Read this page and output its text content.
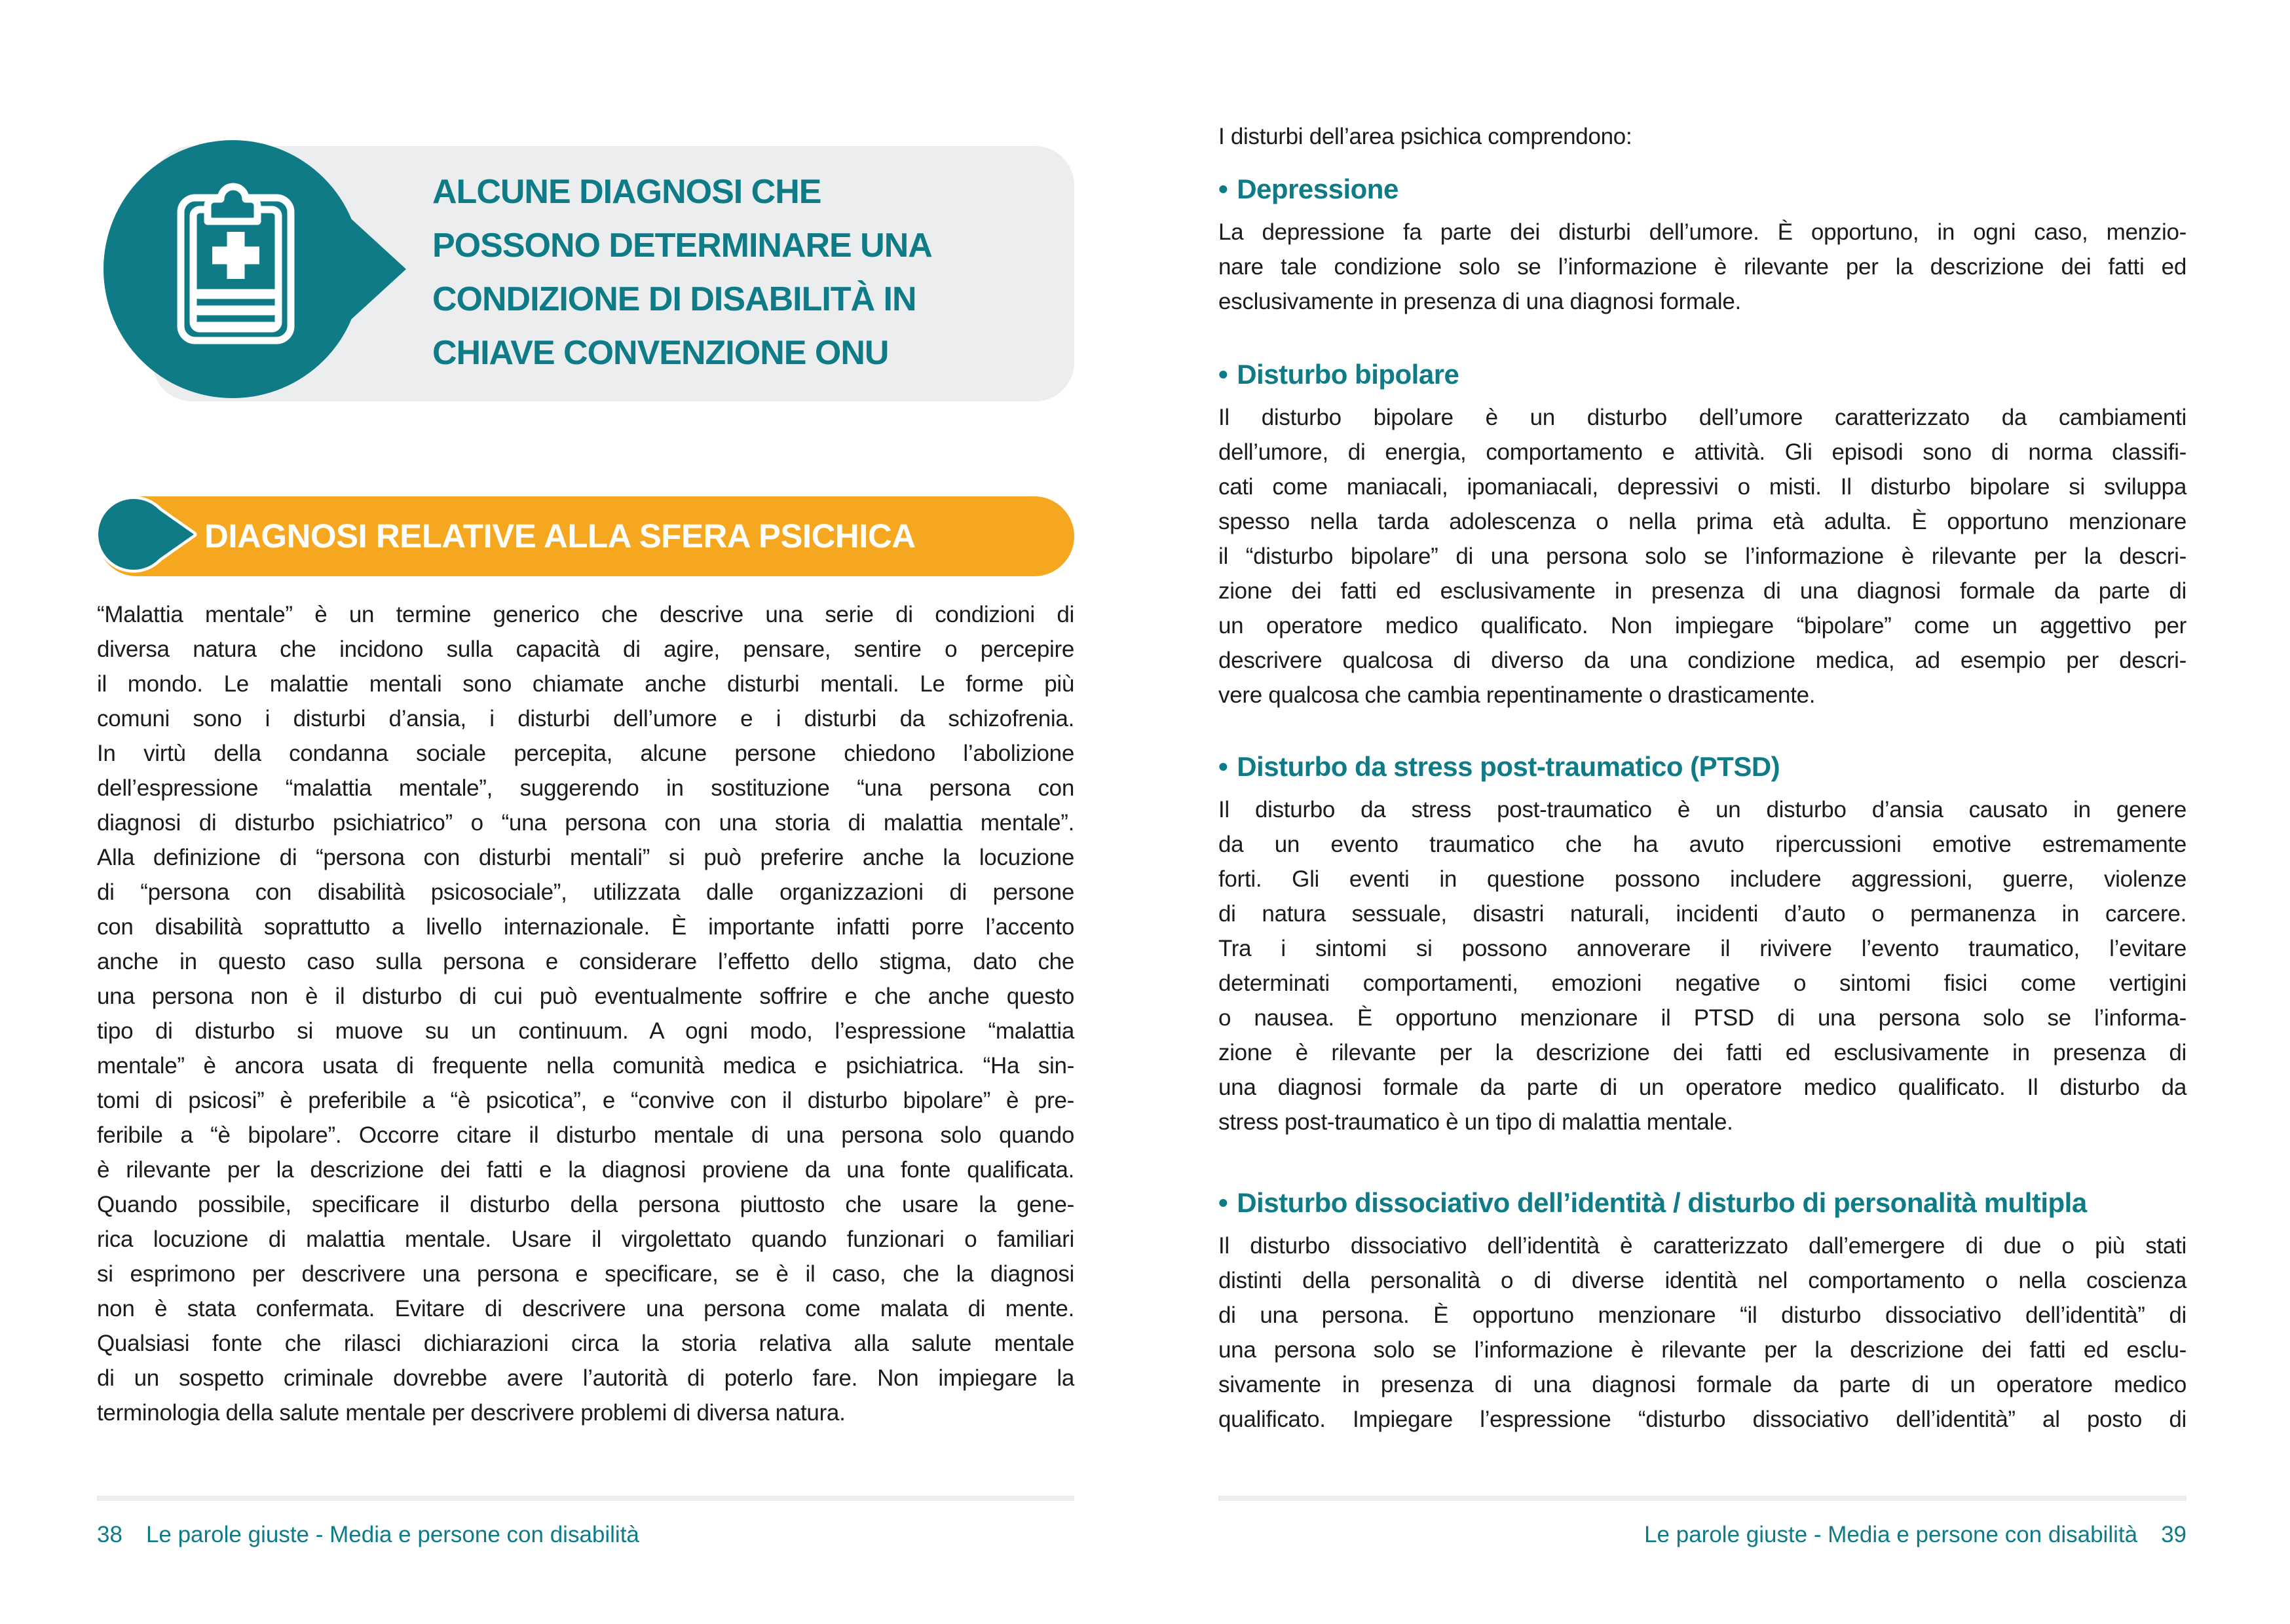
ALCUNE DIAGNOSI CHE
POSSONO DETERMINARE UNA
CONDIZIONE DI DISABILITÀ IN
CHIAVE CONVENZIONE ONU
DIAGNOSI RELATIVE ALLA SFERA PSICHICA
“Malattia mentale” è un termine generico che descrive una serie di condizioni di
diversa natura che incidono sulla capacità di agire, pensare, sentire o percepire
il mondo. Le malattie mentali sono chiamate anche disturbi mentali. Le forme più
comuni sono i disturbi d’ansia, i disturbi dell’umore e i disturbi da schizofrenia.
In virtù della condanna sociale percepita, alcune persone chiedono l’abolizione
dell’espressione “malattia mentale”, suggerendo in sostituzione “una persona con
diagnosi di disturbo psichiatrico” o “una persona con una storia di malattia mentale”.
Alla definizione di “persona con disturbi mentali” si può preferire anche la locuzione
di “persona con disabilità psicosociale”, utilizzata dalle organizzazioni di persone
con disabilità soprattutto a livello internazionale. È importante infatti porre l’accento
anche in questo caso sulla persona e considerare l’effetto dello stigma, dato che
una persona non è il disturbo di cui può eventualmente soffrire e che anche questo
tipo di disturbo si muove su un continuum. A ogni modo, l’espressione “malattia
mentale” è ancora usata di frequente nella comunità medica e psichiatrica. “Ha sin-
tomi di psicosi” è preferibile a “è psicotica”, e “convive con il disturbo bipolare” è pre-
feribile a “è bipolare”. Occorre citare il disturbo mentale di una persona solo quando
è rilevante per la descrizione dei fatti e la diagnosi proviene da una fonte qualificata.
Quando possibile, specificare il disturbo della persona piuttosto che usare la gene-
rica locuzione di malattia mentale. Usare il virgolettato quando funzionari o familiari
si esprimono per descrivere una persona e specificare, se è il caso, che la diagnosi
non è stata confermata. Evitare di descrivere una persona come malata di mente.
Qualsiasi fonte che rilasci dichiarazioni circa la storia relativa alla salute mentale
di un sospetto criminale dovrebbe avere l’autorità di poterlo fare. Non impiegare la
terminologia della salute mentale per descrivere problemi di diversa natura.
38 Le parole giuste - Media e persone con disabilità
I disturbi dell’area psichica comprendono:
• Depressione
La depressione fa parte dei disturbi dell’umore. È opportuno, in ogni caso, menzio-
nare tale condizione solo se l’informazione è rilevante per la descrizione dei fatti ed
esclusivamente in presenza di una diagnosi formale.
• Disturbo bipolare
Il disturbo bipolare è un disturbo dell’umore caratterizzato da cambiamenti
dell’umore, di energia, comportamento e attività. Gli episodi sono di norma classifi-
cati come maniacali, ipomaniacali, depressivi o misti. Il disturbo bipolare si sviluppa
spesso nella tarda adolescenza o nella prima età adulta. È opportuno menzionare
il “disturbo bipolare” di una persona solo se l’informazione è rilevante per la descri-
zione dei fatti ed esclusivamente in presenza di una diagnosi formale da parte di
un operatore medico qualificato. Non impiegare “bipolare” come un aggettivo per
descrivere qualcosa di diverso da una condizione medica, ad esempio per descri-
vere qualcosa che cambia repentinamente o drasticamente.
• Disturbo da stress post-traumatico (PTSD)
Il disturbo da stress post-traumatico è un disturbo d’ansia causato in genere
da un evento traumatico che ha avuto ripercussioni emotive estremamente
forti. Gli eventi in questione possono includere aggressioni, guerre, violenze
di natura sessuale, disastri naturali, incidenti d’auto o permanenza in carcere.
Tra i sintomi si possono annoverare il rivivere l’evento traumatico, l’evitare
determinati comportamenti, emozioni negative o sintomi fisici come vertigini
o nausea. È opportuno menzionare il PTSD di una persona solo se l’informa-
zione è rilevante per la descrizione dei fatti ed esclusivamente in presenza di
una diagnosi formale da parte di un operatore medico qualificato. Il disturbo da
stress post-traumatico è un tipo di malattia mentale.
• Disturbo dissociativo dell’identità / disturbo di personalità multipla
Il disturbo dissociativo dell’identità è caratterizzato dall’emergere di due o più stati
distinti della personalità o di diverse identità nel comportamento o nella coscienza
di una persona. È opportuno menzionare “il disturbo dissociativo dell’identità” di
una persona solo se l’informazione è rilevante per la descrizione dei fatti ed esclu-
sivamente in presenza di una diagnosi formale da parte di un operatore medico
qualificato. Impiegare l’espressione “disturbo dissociativo dell’identità” al posto di
Le parole giuste - Media e persone con disabilità 39
